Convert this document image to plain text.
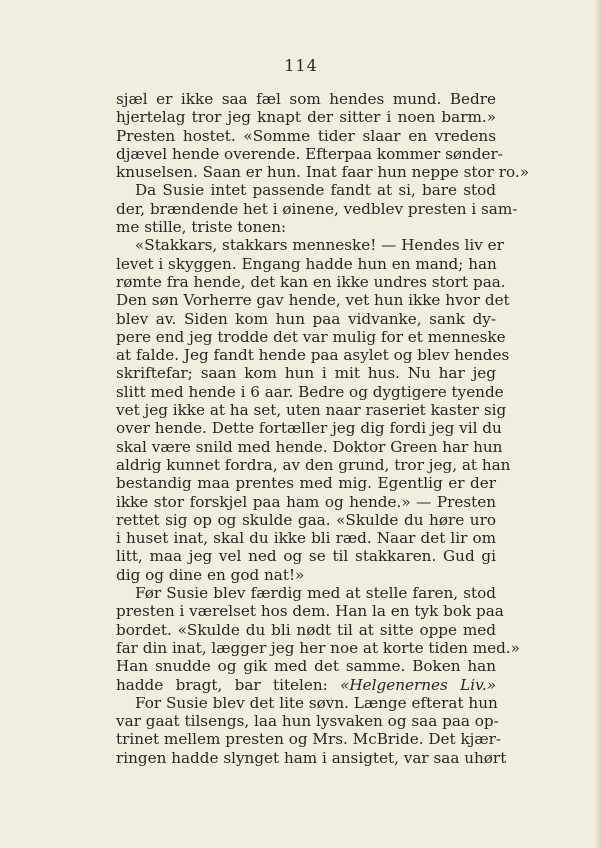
114
sjæl er ikke saa fæl som hendes mund. Bedre
hjertelag tror jeg knapt der sitter i noen barm.»
Presten hostet. «Somme tider slaar en vredens
djævel hende overende. Efterpaa kommer sønder-
knuselsen. Saan er hun. Inat faar hun neppe stor ro.»
Da Susie intet passende fandt at si, bare stod
der, brændende het i øinene, vedblev presten i sam-
me stille, triste tonen:
«Stakkars, stakkars menneske! — Hendes liv er
levet i skyggen. Engang hadde hun en mand; han
rømte fra hende, det kan en ikke undres stort paa.
Den søn Vorherre gav hende, vet hun ikke hvor det
blev av. Siden kom hun paa vidvanke, sank dy-
pere end jeg trodde det var mulig for et menneske
at falde. Jeg fandt hende paa asylet og blev hendes
skriftefar; saan kom hun i mit hus. Nu har jeg
slitt med hende i 6 aar. Bedre og dygtigere tyende
vet jeg ikke at ha set, uten naar raseriet kaster sig
over hende. Dette fortæller jeg dig fordi jeg vil du
skal være snild med hende. Doktor Green har hun
aldrig kunnet fordra, av den grund, tror jeg, at han
bestandig maa prentes med mig. Egentlig er der
ikke stor forskjel paa ham og hende.» — Presten
rettet sig op og skulde gaa. «Skulde du høre uro
i huset inat, skal du ikke bli ræd. Naar det lir om
litt, maa jeg vel ned og se til stakkaren. Gud gi
dig og dine en god nat!»
Før Susie blev færdig med at stelle faren, stod
presten i værelset hos dem. Han la en tyk bok paa
bordet. «Skulde du bli nødt til at sitte oppe med
far din inat, lægger jeg her noe at korte tiden med.»
Han snudde og gik med det samme. Boken han
hadde bragt, bar titelen: «Helgenernes Liv.»
For Susie blev det lite søvn. Længe efterat hun
var gaat tilsengs, laa hun lysvaken og saa paa op-
trinet mellem presten og Mrs. McBride. Det kjær-
ringen hadde slynget ham i ansigtet, var saa uhørt
